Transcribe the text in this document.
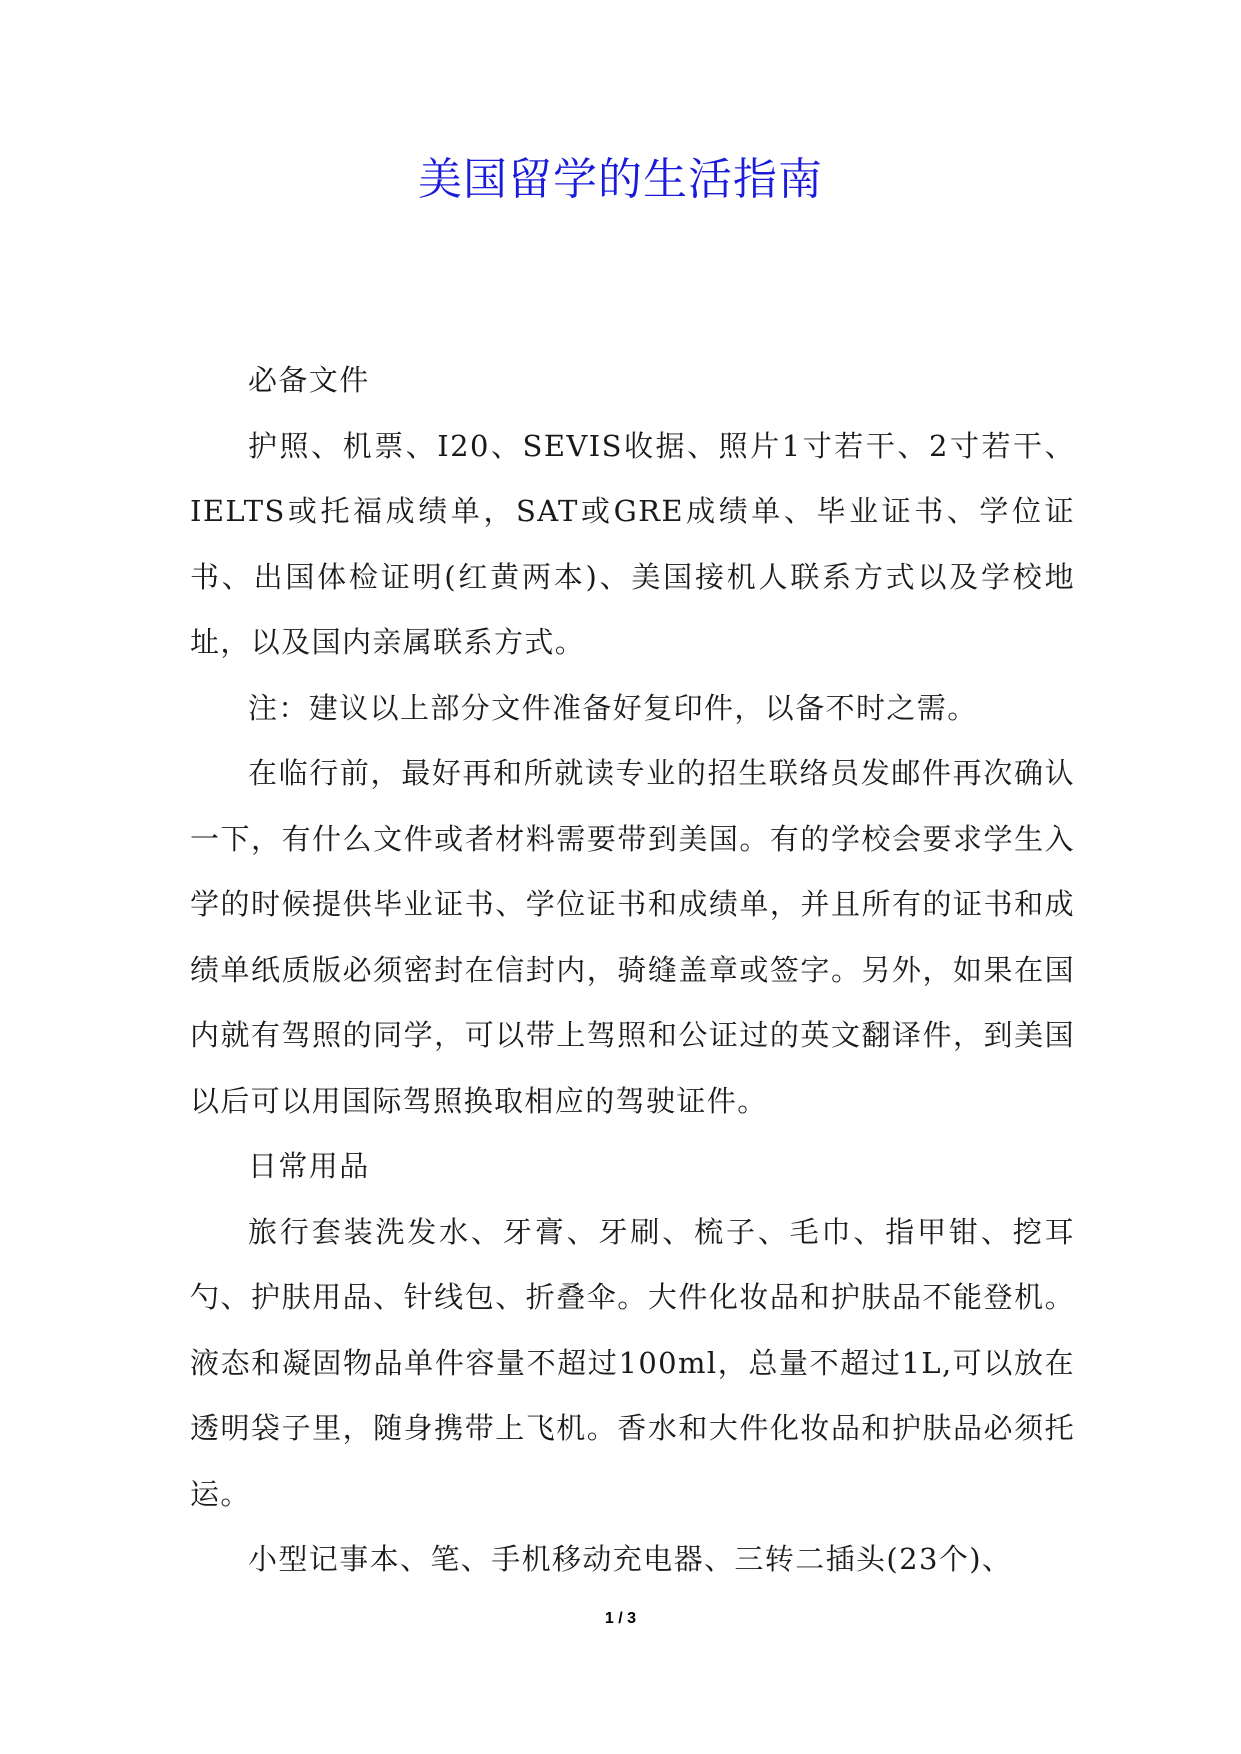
美国留学的生活指南

必备文件

护照、机票、I20、SEVIS收据、照片1寸若干、2寸若干、IELTS或托福成绩单，SAT或GRE成绩单、毕业证书、学位证书、出国体检证明(红黄两本)、美国接机人联系方式以及学校地址，以及国内亲属联系方式。

注：建议以上部分文件准备好复印件，以备不时之需。

在临行前，最好再和所就读专业的招生联络员发邮件再次确认一下，有什么文件或者材料需要带到美国。有的学校会要求学生入学的时候提供毕业证书、学位证书和成绩单，并且所有的证书和成绩单纸质版必须密封在信封内，骑缝盖章或签字。另外，如果在国内就有驾照的同学，可以带上驾照和公证过的英文翻译件，到美国以后可以用国际驾照换取相应的驾驶证件。

日常用品

旅行套装洗发水、牙膏、牙刷、梳子、毛巾、指甲钳、挖耳勺、护肤用品、针线包、折叠伞。大件化妆品和护肤品不能登机。液态和凝固物品单件容量不超过100ml，总量不超过1L,可以放在透明袋子里，随身携带上飞机。香水和大件化妆品和护肤品必须托运。

小型记事本、笔、手机移动充电器、三转二插头(23个)、

1 / 3
